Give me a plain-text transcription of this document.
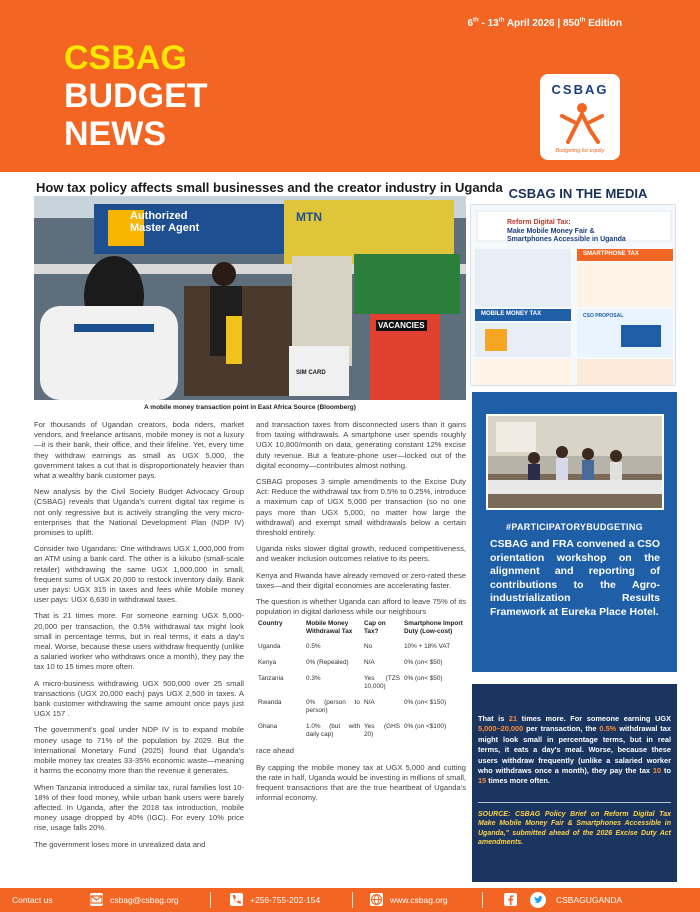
6th - 13th April 2026 | 850th Edition
CSBAG
BUDGET
NEWS
CSBAG
Budgeting for equity
How tax policy affects small businesses and the creator industry in Uganda
Authorized
Master Agent
MTN
VACANCIES
SIM CARD
A mobile money transaction point in East Africa Source (Bloomberg)

For thousands of Ugandan creators, boda riders, market vendors, and freelance artisans, mobile money is not a luxury—it is their bank, their office, and their lifeline. Yet, every time they withdraw earnings as small as UGX 5,000, the government takes a cut that is disproportionately heavier than what a wealthy bank customer pays.

New analysis by the Civil Society Budget Advocacy Group (CSBAG) reveals that Uganda's current digital tax regime is not only regressive but is actively strangling the very micro-enterprises that the National Development Plan (NDP IV) promises to uplift.

Consider two Ugandans: One withdraws UGX 1,000,000 from an ATM using a bank card. The other is a kikubo (small-scale retailer) withdrawing the same UGX 1,000,000 in small, frequent sums of UGX 20,000 to restock inventory daily. Bank user pays: UGX 315 in taxes and fees while Mobile money user pays: UGX 6,630 in withdrawal taxes.

That is 21 times more. For someone earning UGX 5,000-20,000 per transaction, the 0.5% withdrawal tax might look small in percentage terms, but in real terms, it eats a day's meal. Worse, because these users withdraw frequently (unlike a salaried worker who withdraws once a month), they pay the tax 10 to 15 times more often.

A micro-business withdrawing UGX 500,000 over 25 small transactions (UGX 20,000 each) pays UGX 2,500 in taxes. A bank customer withdrawing the same amount once pays just UGX 157 .

The government's goal under NDP IV is to expand mobile money usage to 71% of the population by 2029. But the International Monetary Fund (2025) found that Uganda's mobile money tax creates 33-35% economic waste—meaning it harms the economy more than the revenue it generates.

When Tanzania introduced a similar tax, rural families lost 10-18% of their food money, while urban bank users were barely affected. In Uganda, after the 2018 tax introduction, mobile money usage dropped by 40% (IGC). For every 10% price rise, usage falls 20%.

The government loses more in unrealized data and

and transaction taxes from disconnected users than it gains from taxing withdrawals. A smartphone user spends roughly UGX 10,800/month on data, generating constant 12% excise duty revenue. But a feature-phone user—locked out of the digital economy—contributes almost nothing.

CSBAG proposes 3 simple amendments to the Excise Duty Act: Reduce the withdrawal tax from 0.5% to 0.25%, introduce a maximum cap of UGX 5,000 per transaction (so no one pays more than UGX 5,000, no matter how large the withdrawal) and exempt small withdrawals below a certain threshold entirely.

Uganda risks slower digital growth, reduced competitiveness, and weaker inclusion outcomes relative to its peers.

Kenya and Rwanda have already removed or zero-rated these taxes—and their digital economies are accelerating faster.

The question is whether Uganda can afford to leave 75% of its population in digital darkness while our neighbours

Country	Mobile Money Withdrawal Tax	Cap on Tax?	Smartphone Import Duty (Low-cost)
Uganda	0.5%	No	10% + 18% VAT
Kenya	0% (Repealed)	N/A	0% (on< $50)
Tanzania	0.3%	Yes (TZS 10,000)	0% (on< $50)
Rwanda	0% (person to person)	N/A	0% (on< $150)
Ghana	1.0% (but with daily cap)	Yes (GHS 20)	0% (on <$100)

race ahead

By capping the mobile money tax at UGX 5,000 and cutting the rate in half, Uganda would be investing in millions of small, frequent transactions that are the true heartbeat of Uganda's informal economy.

CSBAG IN THE MEDIA
Reform Digital Tax:
Make Mobile Money Fair &
Smartphones Accessible in Uganda
SMARTPHONE TAX
MOBILE MONEY TAX	CSO PROPOSAL
#PARTICIPATORYBUDGETING
CSBAG and FRA convened a CSO orientation workshop on the alignment and reporting of contributions to the Agro-industrialization Results Framework at Eureka Place Hotel.
That is 21 times more. For someone earning UGX 5,000–20,000 per transaction, the 0.5% withdrawal tax might look small in percentage terms, but in real terms, it eats a day's meal. Worse, because these users withdraw frequently (unlike a salaried worker who withdraws once a month), they pay the tax 10 to 15 times more often.
SOURCE: CSBAG Policy Brief on Reform Digital Tax Make Mobile Money Fair & Smartphones Accessible in Uganda," submitted ahead of the 2026 Excise Duty Act amendments.
Contact us	csbag@csbag.org	+256-755-202-154	www.csbag.org	CSBAGUGANDA
